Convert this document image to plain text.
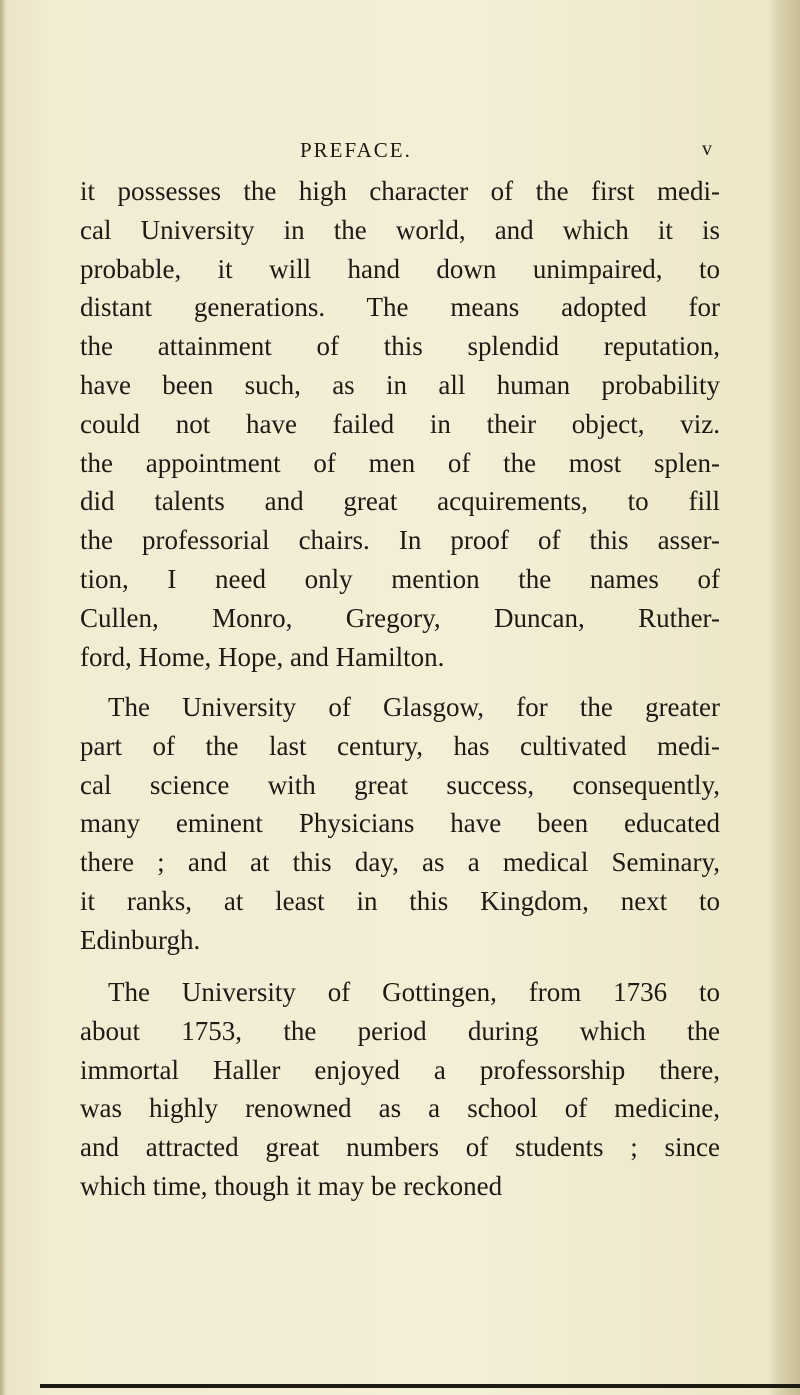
PREFACE.	v
it possesses the high character of the first medi-
cal University in the world, and which it is
probable, it will hand down unimpaired, to
distant generations. The means adopted for
the attainment of this splendid reputation,
have been such, as in all human probability
could not have failed in their object, viz.
the appointment of men of the most splen-
did talents and great acquirements, to fill
the professorial chairs. In proof of this asser-
tion, I need only mention the names of
Cullen, Monro, Gregory, Duncan, Ruther-
ford, Home, Hope, and Hamilton.
The University of Glasgow, for the greater
part of the last century, has cultivated medi-
cal science with great success, consequently,
many eminent Physicians have been educated
there ; and at this day, as a medical Seminary,
it ranks, at least in this Kingdom, next to
Edinburgh.
The University of Gottingen, from 1736 to
about 1753, the period during which the
immortal Haller enjoyed a professorship there,
was highly renowned as a school of medicine,
and attracted great numbers of students ; since
which time, though it may be reckoned
